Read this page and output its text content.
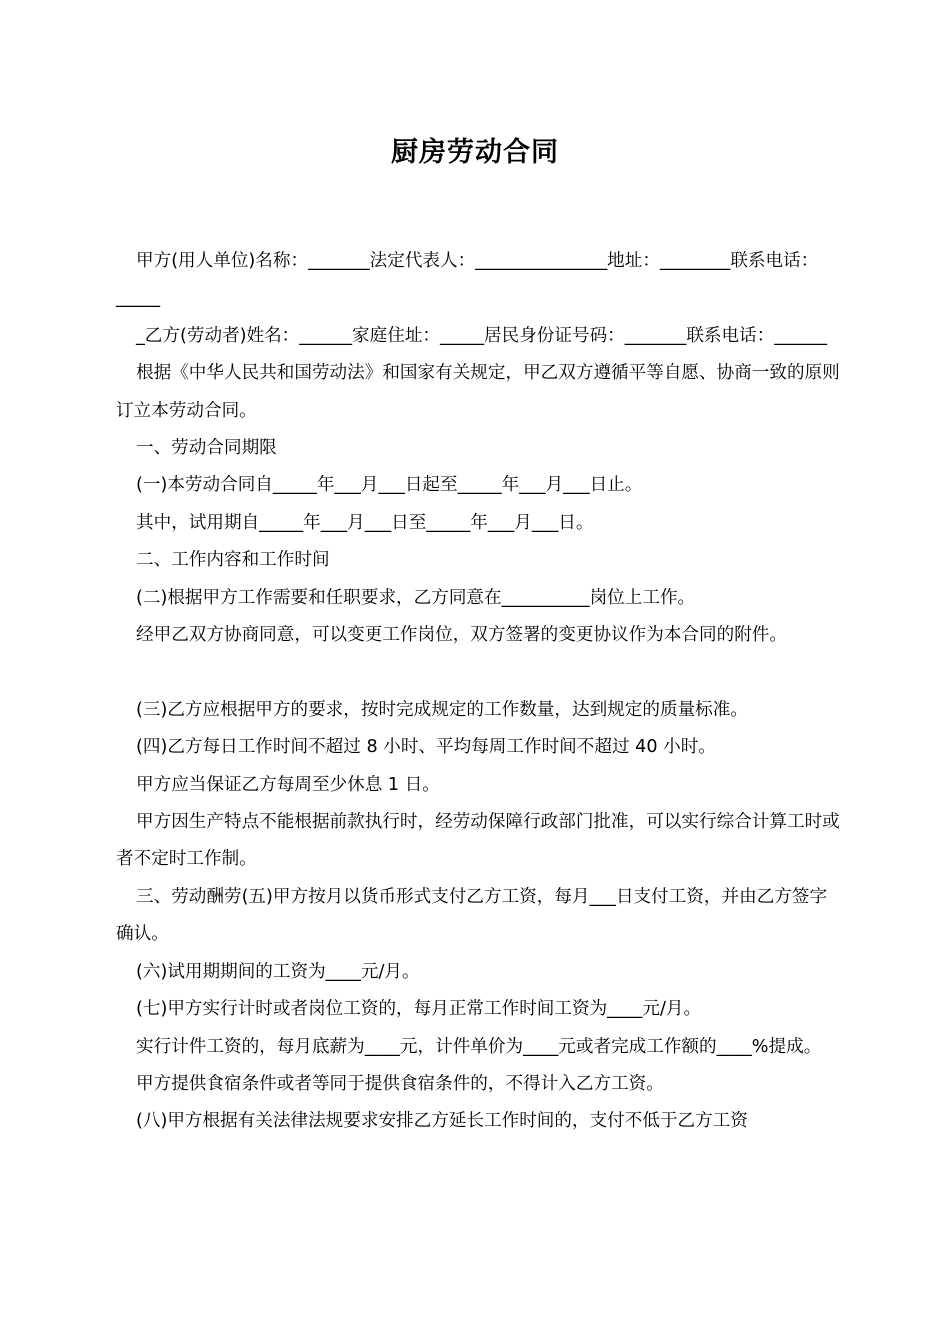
厨房劳动合同

甲方(用人单位)名称：_______法定代表人：_______________地址：________联系电话：_____

_乙方(劳动者)姓名：______家庭住址：_____居民身份证号码：_______联系电话：______

根据《中华人民共和国劳动法》和国家有关规定，甲乙双方遵循平等自愿、协商一致的原则订立本劳动合同。

一、劳动合同期限

(一)本劳动合同自_____年___月___日起至_____年___月___日止。

其中，试用期自_____年___月___日至_____年___月___日。

二、工作内容和工作时间

(二)根据甲方工作需要和任职要求，乙方同意在__________岗位上工作。

经甲乙双方协商同意，可以变更工作岗位，双方签署的变更协议作为本合同的附件。

(三)乙方应根据甲方的要求，按时完成规定的工作数量，达到规定的质量标准。

(四)乙方每日工作时间不超过 8 小时、平均每周工作时间不超过 40 小时。

甲方应当保证乙方每周至少休息 1 日。

甲方因生产特点不能根据前款执行时，经劳动保障行政部门批准，可以实行综合计算工时或者不定时工作制。

三、劳动酬劳(五)甲方按月以货币形式支付乙方工资，每月___日支付工资，并由乙方签字确认。

(六)试用期期间的工资为____元/月。

(七)甲方实行计时或者岗位工资的，每月正常工作时间工资为____元/月。

实行计件工资的，每月底薪为____元，计件单价为____元或者完成工作额的____%提成。

甲方提供食宿条件或者等同于提供食宿条件的，不得计入乙方工资。

(八)甲方根据有关法律法规要求安排乙方延长工作时间的，支付不低于乙方工资
